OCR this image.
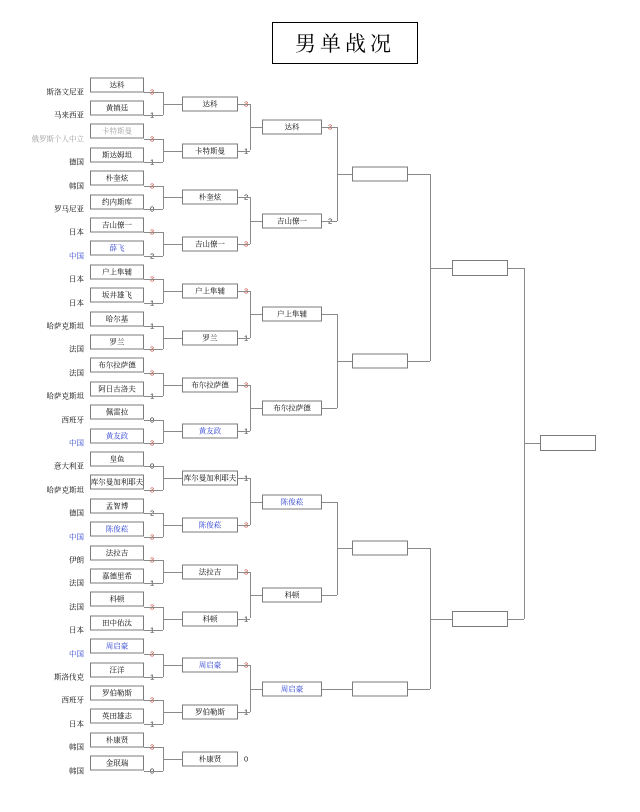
男单战况
斯洛文尼亚
达科
马来西亚
黄镇廷
俄罗斯个人中立
卡特斯曼
德国
斯达姆坦
韩国
朴奎炫
罗马尼亚
约内斯库
日本
吉山僚一
中国
薛飞
日本
户上隼辅
日本
坂井雄飞
哈萨克斯坦
哈尔基
法国
罗兰
法国
布尔拉萨德
哈萨克斯坦
阿日古洛夫
西班牙
佩雷拉
中国
黄友政
意大利亚
皇鱼
哈萨克斯坦
库尔曼加利耶夫
德国
孟智博
中国
陈俊菘
伊朗
法拉吉
法国
嘉德里希
法国
科顿
日本
田中佑汰
中国
周启豪
斯洛伐克
汪洋
西班牙
罗伯勒斯
日本
英田雄志
韩国
朴康贤
韩国
金珉瑞
达科
卡特斯曼
朴奎炫
吉山僚一
户上隼辅
罗兰
布尔拉萨德
黄友政
库尔曼加利耶夫
陈俊菘
法拉吉
科顿
周启豪
罗伯勒斯
朴康贤	0
达科
吉山僚一
户上隼辅
布尔拉萨德
陈俊菘
科顿
周启豪
